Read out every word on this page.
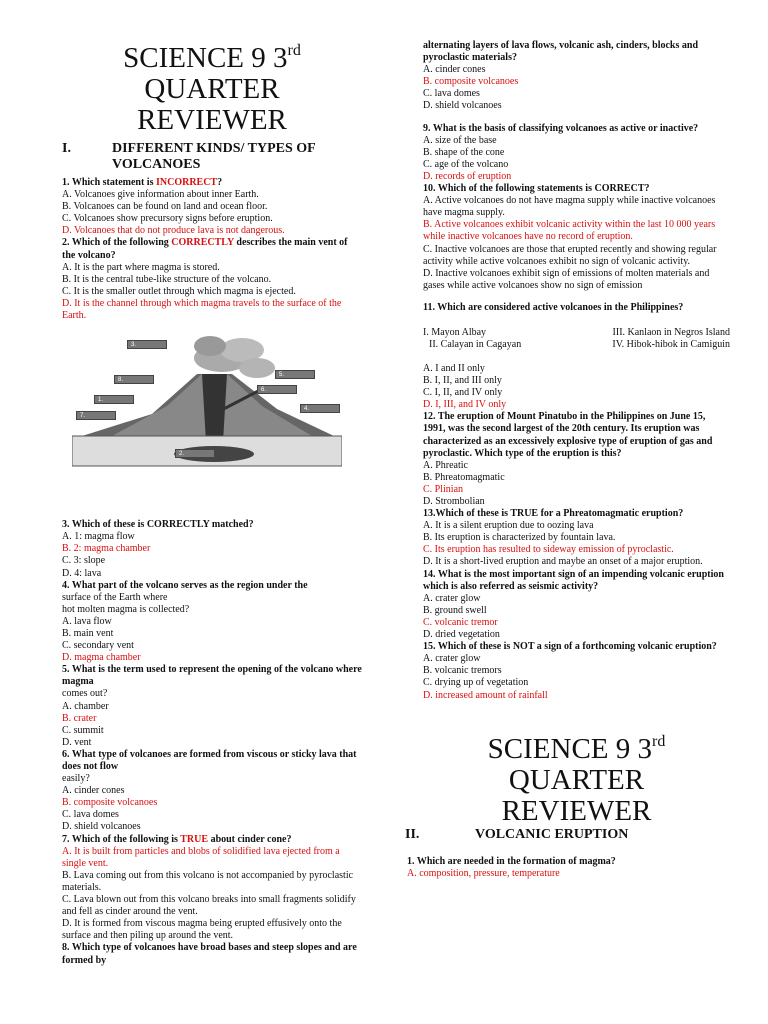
SCIENCE 9 3rd

QUARTER

REVIEWER

I.	DIFFERENT KINDS/ TYPES OF VOLCANOES

1. Which statement is INCORRECT?

A. Volcanoes give information about inner Earth.

B. Volcanoes can be found on land and ocean floor.

C. Volcanoes show precursory signs before eruption.

D. Volcanoes that do not produce lava is not dangerous.

2. Which of the following CORRECTLY describes the main vent of the volcano?

A. It is the part where magma is stored.

B. It is the central tube-like structure of the volcano.

C. It is the smaller outlet through which magma is ejected.

D. It is the channel through which magma travels to the surface of the

Earth.

3.
8.
1.
7.
5.
6.
4.
2.

3. Which of these is CORRECTLY matched?

A. 1: magma flow

B. 2: magma chamber

C. 3: slope

D. 4: lava

4. What part of the volcano serves as the region under the

surface of the Earth where

hot molten magma is collected?

A. lava flow

B. main vent

C. secondary vent

D. magma chamber

5. What is the term used to represent the opening of the volcano where magma

comes out?

A. chamber

B. crater

C. summit

D. vent

6. What type of volcanoes are formed from viscous or sticky lava that does not flow

easily?

A. cinder cones

B. composite volcanoes

C. lava domes

D. shield volcanoes

7. Which of the following is TRUE about cinder cone?

A. It is built from particles and blobs of solidified lava ejected from a single vent.

B. Lava coming out from this volcano is not accompanied by pyroclastic materials.

C. Lava blown out from this volcano breaks into small fragments solidify and fell as cinder around the vent.

D. It is formed from viscous magma being erupted effusively onto the surface and then piling up around the vent.

8. Which type of volcanoes have broad bases and steep slopes and are formed by

alternating layers of lava flows, volcanic ash, cinders, blocks and pyroclastic materials?

A. cinder cones

B. composite volcanoes

C. lava domes

D. shield volcanoes

9. What is the basis of classifying volcanoes as active or inactive?

A. size of the base

B. shape of the cone

C. age of the volcano

D. records of eruption

10. Which of the following statements is CORRECT?

A. Active volcanoes do not have magma supply while inactive volcanoes have magma supply.

B. Active volcanoes exhibit volcanic activity within the last 10 000 years while inactive volcanoes have no record of eruption.

C. Inactive volcanoes are those that erupted recently and showing regular activity while active volcanoes exhibit no sign of volcanic activity.

D. Inactive volcanoes exhibit sign of emissions of molten materials and gases while active volcanoes show no sign of emission

11. Which are considered active volcanoes in the Philippines?

I. Mayon Albay	III. Kanlaon in Negros Island
II. Calayan in Cagayan	IV. Hibok-hibok in Camiguin

A. I and II only

B. I, II, and III only

C. I, II, and IV only

D. I, III, and IV only

12. The eruption of Mount Pinatubo in the Philippines on June 15, 1991, was the second largest of the 20th century. Its eruption was characterized as an excessively explosive type of eruption of gas and pyroclastic. Which type of the eruption is this?

A. Phreatic

B. Phreatomagmatic

C. Plinian

D. Strombolian

13.Which of these is TRUE for a Phreatomagmatic eruption?

A. It is a silent eruption due to oozing lava

B. Its eruption is characterized by fountain lava.

C. Its eruption has resulted to sideway emission of pyroclastic.

D. It is a short-lived eruption and maybe an onset of a major eruption.

14. What is the most important sign of an impending volcanic eruption which is also referred as seismic activity?

A. crater glow

B. ground swell

C. volcanic tremor

D. dried vegetation

15. Which of these is NOT a sign of a forthcoming volcanic eruption?

A. crater glow

B. volcanic tremors

C. drying up of vegetation

D. increased amount of rainfall

SCIENCE 9 3rd

QUARTER

REVIEWER

II.	VOLCANIC ERUPTION

1. Which are needed in the formation of magma?

A. composition, pressure, temperature
